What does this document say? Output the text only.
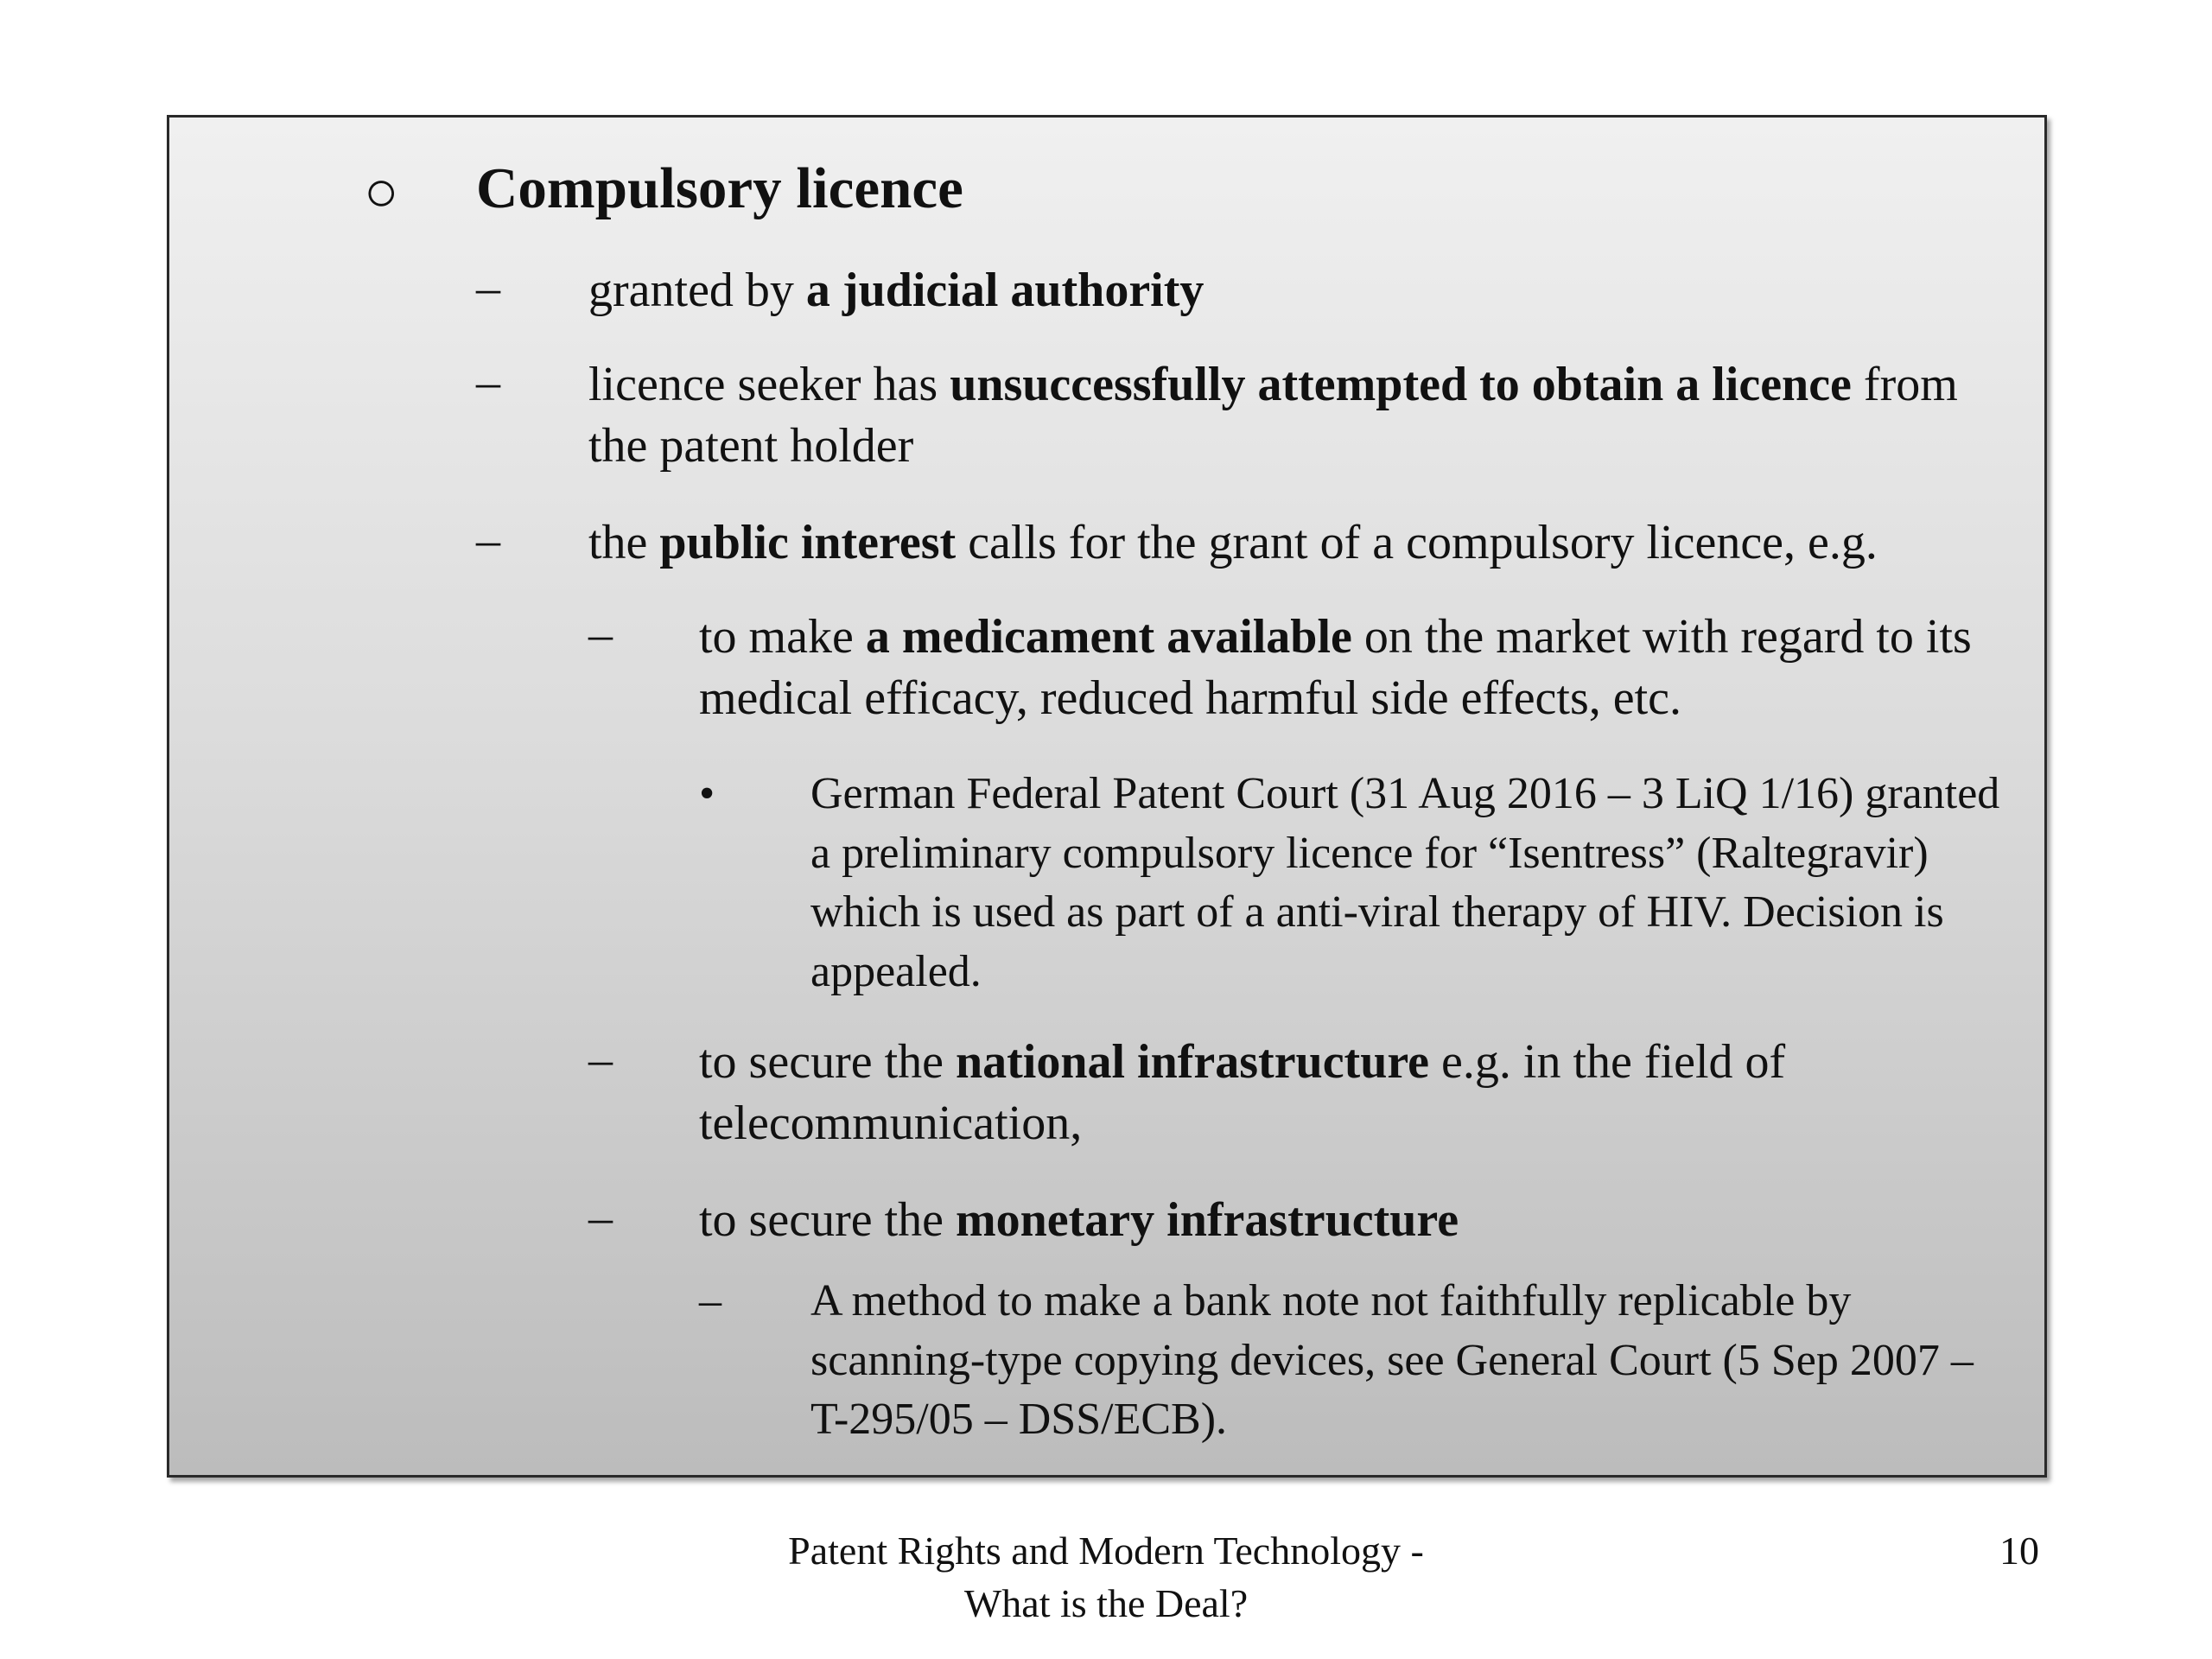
○ Compulsory licence
– granted by a judicial authority
– licence seeker has unsuccessfully attempted to obtain a licence from the patent holder
– the public interest calls for the grant of a compulsory licence, e.g.
– to make a medicament available on the market with regard to its medical efficacy, reduced harmful side effects, etc.
• German Federal Patent Court (31 Aug 2016 – 3 LiQ 1/16) granted a preliminary compulsory licence for “Isentress” (Raltegravir) which is used as part of a anti-viral therapy of HIV. Decision is appealed.
– to secure the national infrastructure e.g. in the field of telecommunication,
– to secure the monetary infrastructure
– A method to make a bank note not faithfully replicable by scanning-type copying devices, see General Court (5 Sep 2007 – T-295/05 – DSS/ECB).
Patent Rights and Modern Technology - What is the Deal?
10
